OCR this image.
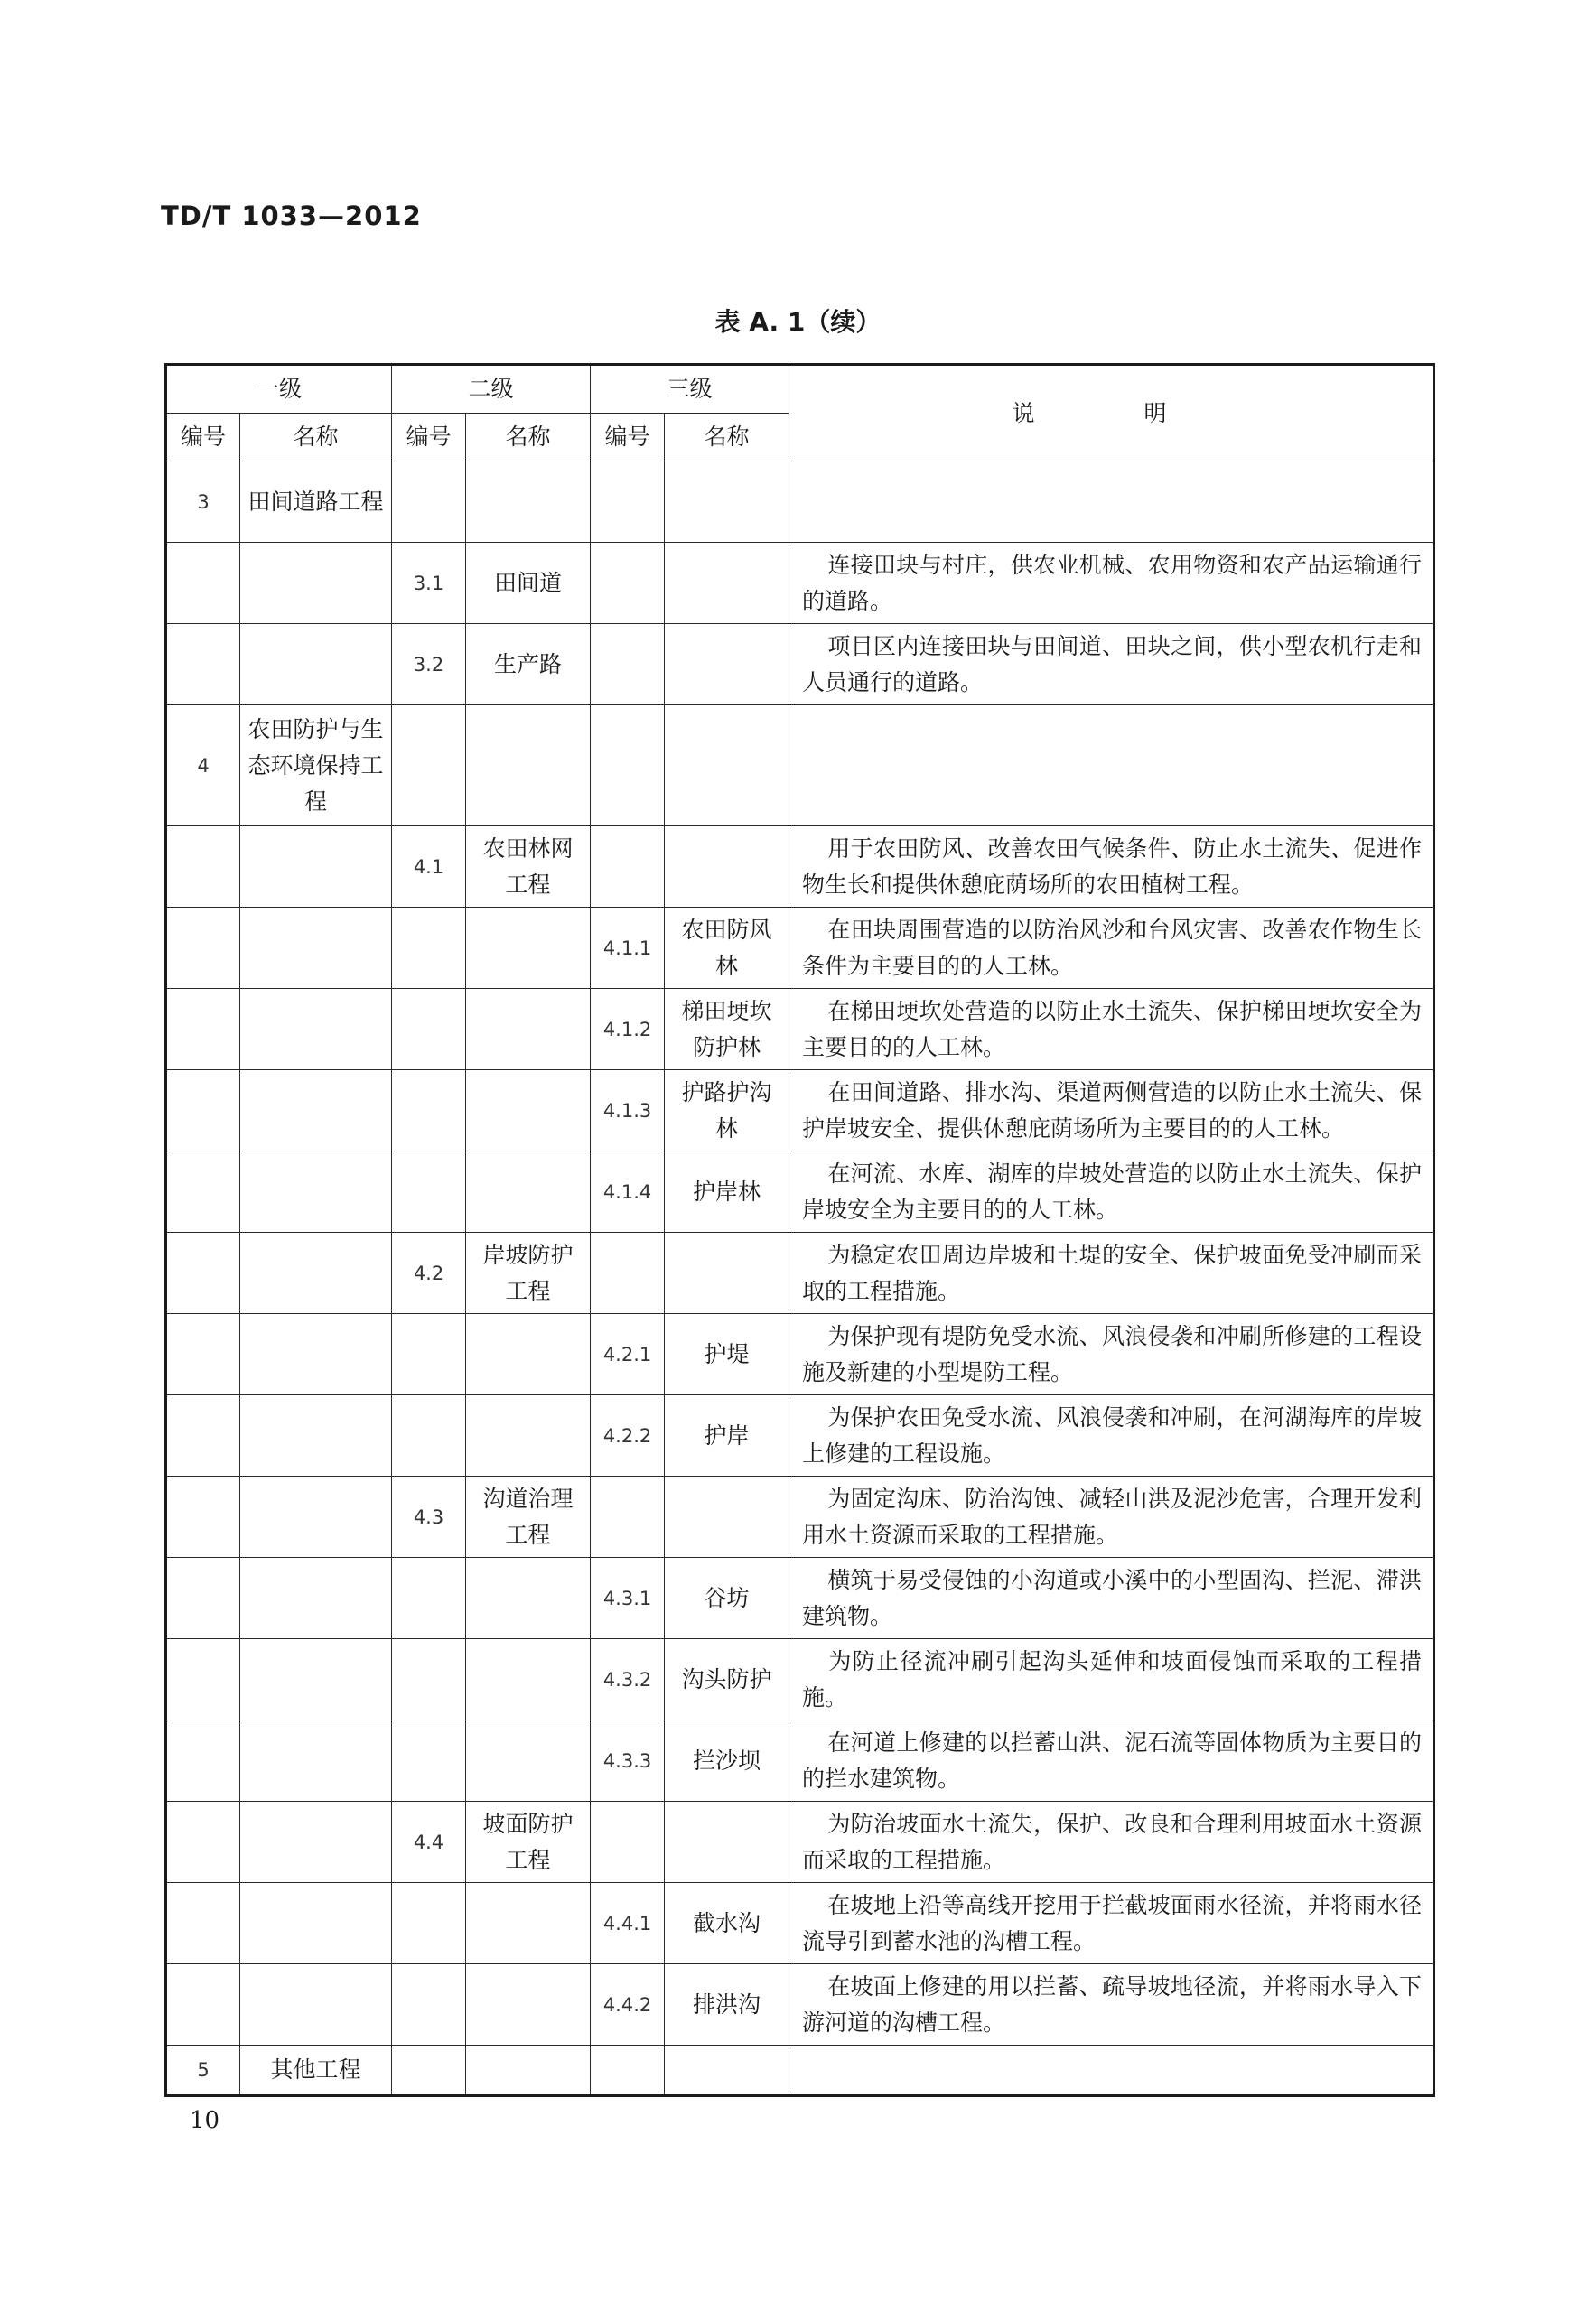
TD/T 1033—2012
表 A. 1（续）
一级		二级		三级		说　明
编号	名称	编号	名称	编号	名称	
3	田间道路工程					
		3.1	田间道			连接田块与村庄，供农业机械、农用物资和农产品运输通行的道路。
		3.2	生产路			项目区内连接田块与田间道、田块之间，供小型农机行走和人员通行的道路。
4	农田防护与生态环境保持工程					
		4.1	农田林网工程			用于农田防风、改善农田气候条件、防止水土流失、促进作物生长和提供休憩庇荫场所的农田植树工程。
				4.1.1	农田防风林	在田块周围营造的以防治风沙和台风灾害、改善农作物生长条件为主要目的的人工林。
				4.1.2	梯田埂坎防护林	在梯田埂坎处营造的以防止水土流失、保护梯田埂坎安全为主要目的的人工林。
				4.1.3	护路护沟林	在田间道路、排水沟、渠道两侧营造的以防止水土流失、保护岸坡安全、提供休憩庇荫场所为主要目的的人工林。
				4.1.4	护岸林	在河流、水库、湖库的岸坡处营造的以防止水土流失、保护岸坡安全为主要目的的人工林。
		4.2	岸坡防护工程			为稳定农田周边岸坡和土堤的安全、保护坡面免受冲刷而采取的工程措施。
				4.2.1	护堤	为保护现有堤防免受水流、风浪侵袭和冲刷所修建的工程设施及新建的小型堤防工程。
				4.2.2	护岸	为保护农田免受水流、风浪侵袭和冲刷，在河湖海库的岸坡上修建的工程设施。
		4.3	沟道治理工程			为固定沟床、防治沟蚀、减轻山洪及泥沙危害，合理开发利用水土资源而采取的工程措施。
				4.3.1	谷坊	横筑于易受侵蚀的小沟道或小溪中的小型固沟、拦泥、滞洪建筑物。
				4.3.2	沟头防护	为防止径流冲刷引起沟头延伸和坡面侵蚀而采取的工程措施。
				4.3.3	拦沙坝	在河道上修建的以拦蓄山洪、泥石流等固体物质为主要目的的拦水建筑物。
		4.4	坡面防护工程			为防治坡面水土流失，保护、改良和合理利用坡面水土资源而采取的工程措施。
				4.4.1	截水沟	在坡地上沿等高线开挖用于拦截坡面雨水径流，并将雨水径流导引到蓄水池的沟槽工程。
				4.4.2	排洪沟	在坡面上修建的用以拦蓄、疏导坡地径流，并将雨水导入下游河道的沟槽工程。
5	其他工程					
10
